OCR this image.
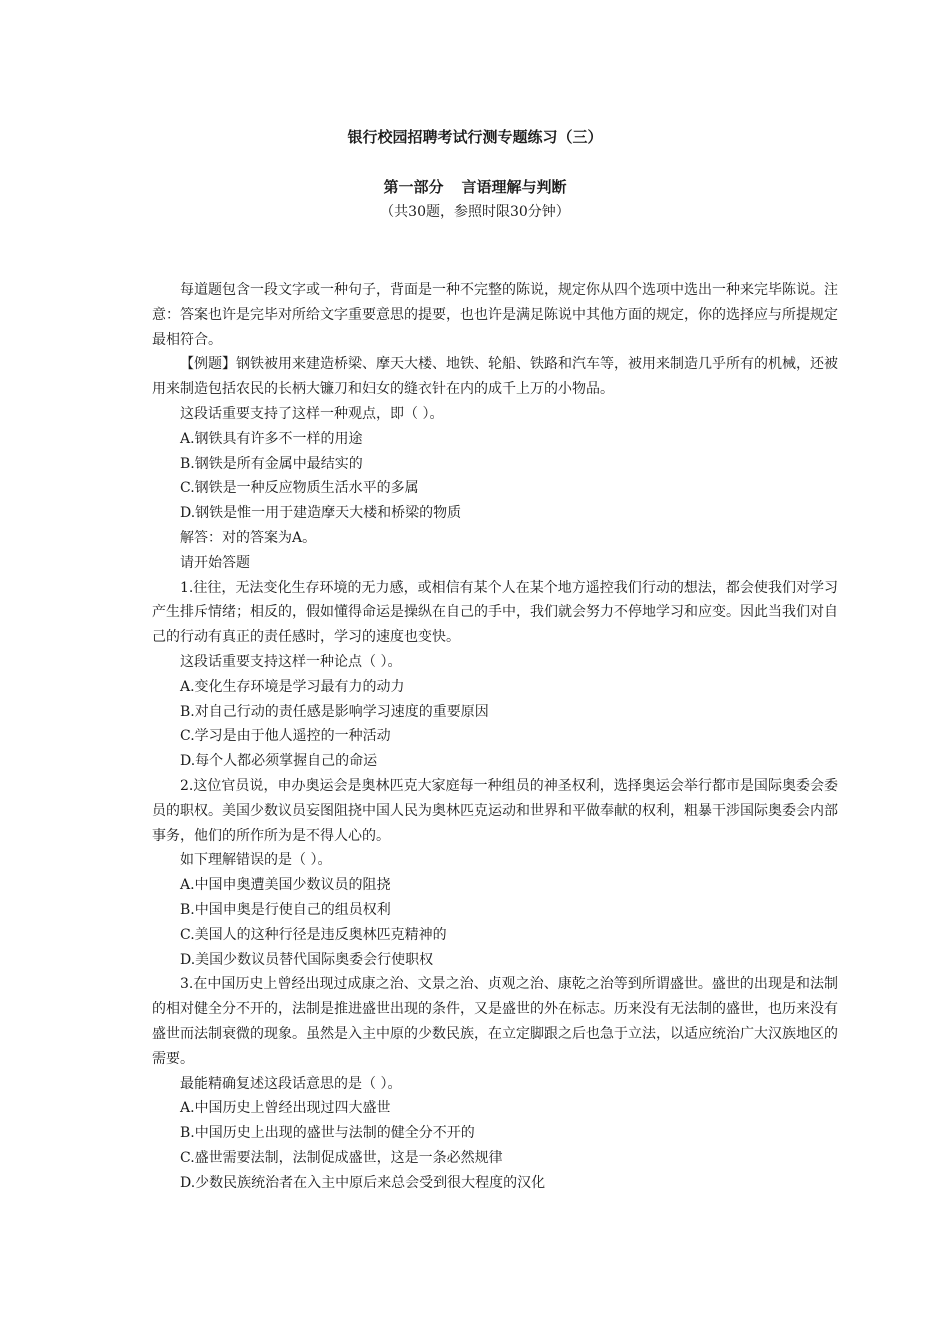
银行校园招聘考试行测专题练习（三）
第一部分 言语理解与判断
（共30题，参照时限30分钟）

每道题包含一段文字或一种句子，背面是一种不完整的陈说，规定你从四个选项中选出一种来完毕陈说。注意：答案也许是完毕对所给文字重要意思的提要，也也许是满足陈说中其他方面的规定，你的选择应与所提规定最相符合。

【例题】钢铁被用来建造桥梁、摩天大楼、地铁、轮船、铁路和汽车等，被用来制造几乎所有的机械，还被用来制造包括农民的长柄大镰刀和妇女的缝衣针在内的成千上万的小物品。

这段话重要支持了这样一种观点，即（ ）。

A.钢铁具有许多不一样的用途

B.钢铁是所有金属中最结实的

C.钢铁是一种反应物质生活水平的多属

D.钢铁是惟一用于建造摩天大楼和桥梁的物质

解答：对的答案为A。

请开始答题

1.往往，无法变化生存环境的无力感，或相信有某个人在某个地方遥控我们行动的想法，都会使我们对学习产生排斥情绪；相反的，假如懂得命运是操纵在自己的手中，我们就会努力不停地学习和应变。因此当我们对自己的行动有真正的责任感时，学习的速度也变快。

这段话重要支持这样一种论点（ ）。

A.变化生存环境是学习最有力的动力

B.对自己行动的责任感是影响学习速度的重要原因

C.学习是由于他人遥控的一种活动

D.每个人都必须掌握自己的命运

2.这位官员说，申办奥运会是奥林匹克大家庭每一种组员的神圣权利，选择奥运会举行都市是国际奥委会委员的职权。美国少数议员妄图阻挠中国人民为奥林匹克运动和世界和平做奉献的权利，粗暴干涉国际奥委会内部事务，他们的所作所为是不得人心的。

如下理解错误的是（ ）。

A.中国申奥遭美国少数议员的阻挠

B.中国申奥是行使自己的组员权利

C.美国人的这种行径是违反奥林匹克精神的

D.美国少数议员替代国际奥委会行使职权

3.在中国历史上曾经出现过成康之治、文景之治、贞观之治、康乾之治等到所谓盛世。盛世的出现是和法制的相对健全分不开的，法制是推进盛世出现的条件，又是盛世的外在标志。历来没有无法制的盛世，也历来没有盛世而法制衰微的现象。虽然是入主中原的少数民族，在立定脚跟之后也急于立法，以适应统治广大汉族地区的需要。

最能精确复述这段话意思的是（ ）。

A.中国历史上曾经出现过四大盛世

B.中国历史上出现的盛世与法制的健全分不开的

C.盛世需要法制，法制促成盛世，这是一条必然规律

D.少数民族统治者在入主中原后来总会受到很大程度的汉化
